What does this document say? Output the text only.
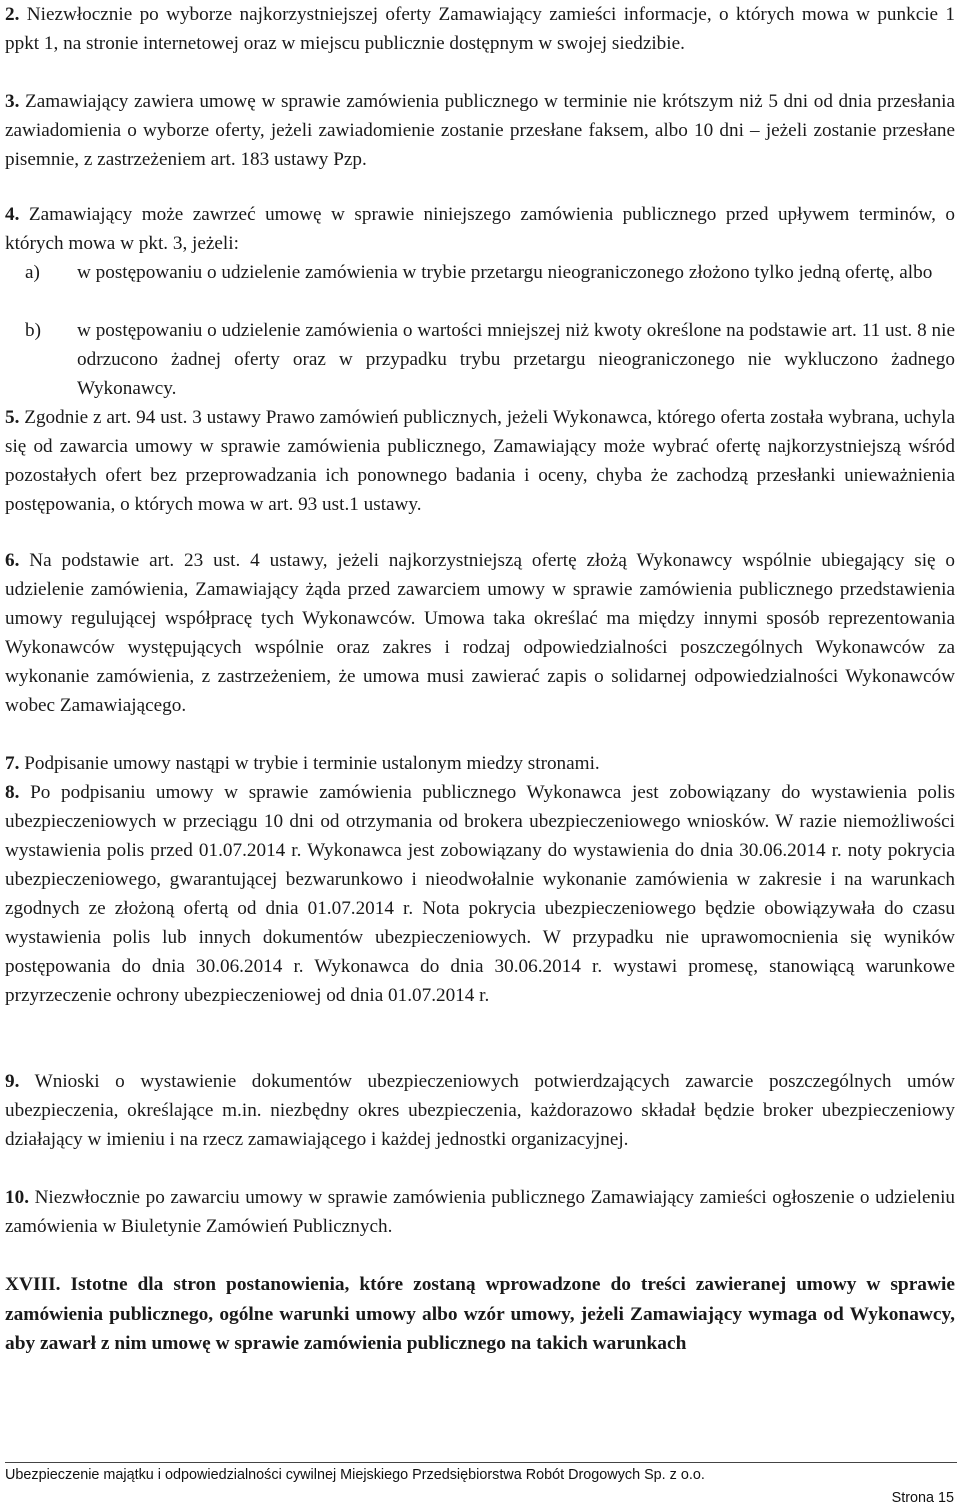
2. Niezwłocznie po wyborze najkorzystniejszej oferty Zamawiający zamieści informacje, o których mowa w punkcie 1 ppkt 1, na stronie internetowej oraz w miejscu publicznie dostępnym w swojej siedzibie.

3. Zamawiający zawiera umowę w sprawie zamówienia publicznego w terminie nie krótszym niż 5 dni od dnia przesłania zawiadomienia o wyborze oferty, jeżeli zawiadomienie zostanie przesłane faksem, albo 10 dni – jeżeli zostanie przesłane pisemnie, z zastrzeżeniem art. 183 ustawy Pzp.

4. Zamawiający może zawrzeć umowę w sprawie niniejszego zamówienia publicznego przed upływem terminów, o których mowa w pkt. 3, jeżeli:

a) w postępowaniu o udzielenie zamówienia w trybie przetargu nieograniczonego złożono tylko jedną ofertę, albo
b) w postępowaniu o udzielenie zamówienia o wartości mniejszej niż kwoty określone na podstawie art. 11 ust. 8 nie odrzucono żadnej oferty oraz w przypadku trybu przetargu nieograniczonego nie wykluczono żadnego Wykonawcy.

5. Zgodnie z art. 94 ust. 3 ustawy Prawo zamówień publicznych, jeżeli Wykonawca, którego oferta została wybrana, uchyla się od zawarcia umowy w sprawie zamówienia publicznego, Zamawiający może wybrać ofertę najkorzystniejszą wśród pozostałych ofert bez przeprowadzania ich ponownego badania i oceny, chyba że zachodzą przesłanki unieważnienia postępowania, o których mowa w art. 93 ust.1 ustawy.

6. Na podstawie art. 23 ust. 4 ustawy, jeżeli najkorzystniejszą ofertę złożą Wykonawcy wspólnie ubiegający się o udzielenie zamówienia, Zamawiający żąda przed zawarciem umowy w sprawie zamówienia publicznego przedstawienia umowy regulującej współpracę tych Wykonawców. Umowa taka określać ma między innymi sposób reprezentowania Wykonawców występujących wspólnie oraz zakres i rodzaj odpowiedzialności poszczególnych Wykonawców za wykonanie zamówienia, z zastrzeżeniem, że umowa musi zawierać zapis o solidarnej odpowiedzialności Wykonawców wobec Zamawiającego.

7. Podpisanie umowy nastąpi w trybie i terminie ustalonym miedzy stronami.

8. Po podpisaniu umowy w sprawie zamówienia publicznego Wykonawca jest zobowiązany do wystawienia polis ubezpieczeniowych w przeciągu 10 dni od otrzymania od brokera ubezpieczeniowego wniosków. W razie niemożliwości wystawienia polis przed 01.07.2014 r. Wykonawca jest zobowiązany do wystawienia do dnia 30.06.2014 r. noty pokrycia ubezpieczeniowego, gwarantującej bezwarunkowo i nieodwołalnie wykonanie zamówienia w zakresie i na warunkach zgodnych ze złożoną ofertą od dnia 01.07.2014 r. Nota pokrycia ubezpieczeniowego będzie obowiązywała do czasu wystawienia polis lub innych dokumentów ubezpieczeniowych. W przypadku nie uprawomocnienia się wyników postępowania do dnia 30.06.2014 r. Wykonawca do dnia 30.06.2014 r. wystawi promesę, stanowiącą warunkowe przyrzeczenie ochrony ubezpieczeniowej od dnia 01.07.2014 r.

9. Wnioski o wystawienie dokumentów ubezpieczeniowych potwierdzających zawarcie poszczególnych umów ubezpieczenia, określające m.in. niezbędny okres ubezpieczenia, każdorazowo składał będzie broker ubezpieczeniowy działający w imieniu i na rzecz zamawiającego i każdej jednostki organizacyjnej.

10. Niezwłocznie po zawarciu umowy w sprawie zamówienia publicznego Zamawiający zamieści ogłoszenie o udzieleniu zamówienia w Biuletynie Zamówień Publicznych.

XVIII. Istotne dla stron postanowienia, które zostaną wprowadzone do treści zawieranej umowy w sprawie zamówienia publicznego, ogólne warunki umowy albo wzór umowy, jeżeli Zamawiający wymaga od Wykonawcy, aby zawarł z nim umowę w sprawie zamówienia publicznego na takich warunkach

Ubezpieczenie majątku i odpowiedzialności cywilnej Miejskiego Przedsiębiorstwa Robót Drogowych Sp. z o.o.
Strona 15
